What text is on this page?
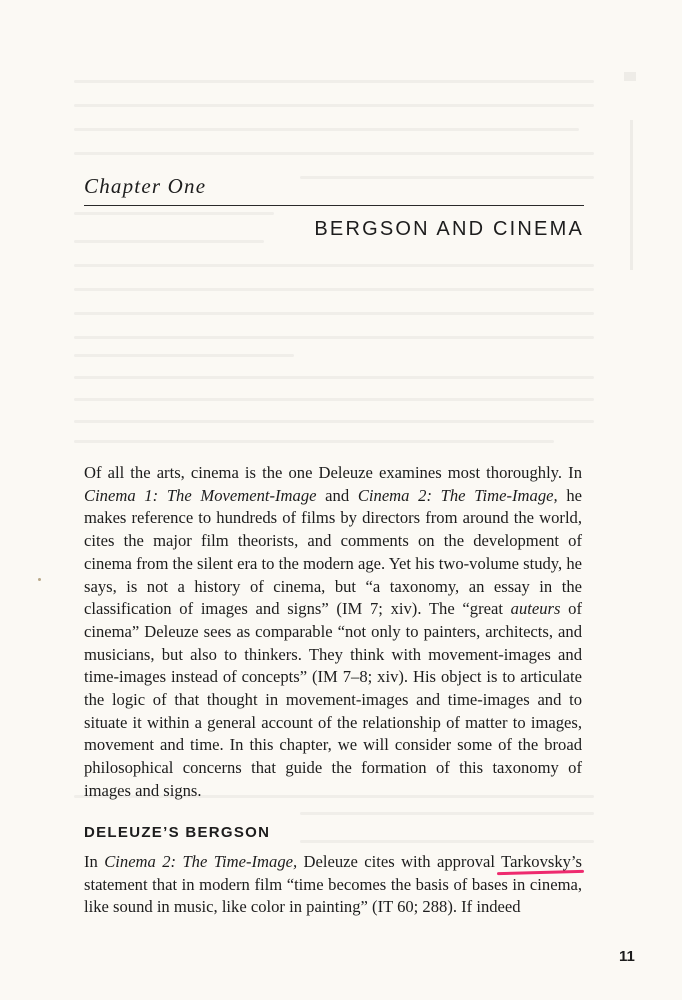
Chapter One
BERGSON AND CINEMA

Of all the arts, cinema is the one Deleuze examines most thoroughly. In Cinema 1: The Movement-Image and Cinema 2: The Time-Image, he makes reference to hundreds of films by directors from around the world, cites the major film theorists, and comments on the development of cinema from the silent era to the modern age. Yet his two-volume study, he says, is not a history of cinema, but “a taxonomy, an essay in the classification of images and signs” (IM 7; xiv). The “great auteurs of cinema” Deleuze sees as comparable “not only to painters, architects, and musicians, but also to thinkers. They think with movement-images and time-images instead of concepts” (IM 7–8; xiv). His object is to articulate the logic of that thought in movement-images and time-images and to situate it within a general account of the relationship of matter to images, movement and time. In this chapter, we will consider some of the broad philosophical concerns that guide the formation of this taxonomy of images and signs.

DELEUZE’S BERGSON

In Cinema 2: The Time-Image, Deleuze cites with approval Tarkovsky’s statement that in modern film “time becomes the basis of bases in cinema, like sound in music, like color in painting” (IT 60; 288). If indeed

11
